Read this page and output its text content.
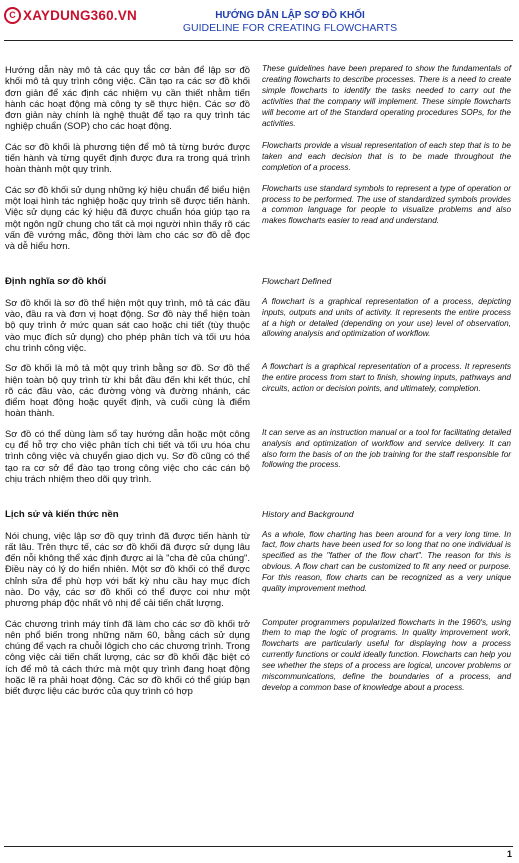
C XAYDUNG360.VN	HƯỚNG DẪN LẬP SƠ ĐỒ KHỐI
GUIDELINE FOR CREATING FLOWCHARTS
Hướng dẫn này mô tả các quy tắc cơ bản để lập sơ đồ khối mô tả quy trình công việc. Cần tạo ra các sơ đồ khối đơn giản để xác định các nhiệm vụ cần thiết nhằm tiến hành các hoạt động mà công ty sẽ thực hiện. Các sơ đồ đơn giản này chính là nghệ thuật để tạo ra quy trình tác nghiệp chuẩn (SOP) cho các hoạt động.
These guidelines have been prepared to show the fundamentals of creating flowcharts to describe processes. There is a need to create simple flowcharts to identify the tasks needed to carry out the activities that the company will implement. These simple flowcharts will become art of the Standard operating procedures SOPs, for the activities.
Các sơ đồ khối là phương tiện để mô tả từng bước được tiến hành và từng quyết định được đưa ra trong quá trình hoàn thành một quy trình.
Flowcharts provide a visual representation of each step that is to be taken and each decision that is to be made throughout the completion of a process.
Các sơ đồ khối sử dụng những ký hiệu chuẩn để biểu hiện một loại hình tác nghiệp hoặc quy trình sẽ được tiến hành. Việc sử dụng các ký hiệu đã được chuẩn hóa giúp tạo ra một ngôn ngữ chung cho tất cả mọi người nhìn thấy rõ các vấn đề vướng mắc, đồng thời làm cho các sơ đồ dễ đọc và dễ hiểu hơn.
Flowcharts use standard symbols to represent a type of operation or process to be performed. The use of standardized symbols provides a common language for people to visualize problems and also makes flowcharts easier to read and understand.
Định nghĩa sơ đồ khối	Flowchart Defined
Sơ đồ khối là sơ đồ thể hiện một quy trình, mô tả các đầu vào, đầu ra và đơn vị hoạt động. Sơ đồ này thể hiện toàn bộ quy trình ở mức quan sát cao hoặc chi tiết (tùy thuộc vào mục đích sử dụng) cho phép phân tích và tối ưu hóa chu trình công việc.
A flowchart is a graphical representation of a process, depicting inputs, outputs and units of activity. It represents the entire process at a high or detailed (depending on your use) level of observation, allowing analysis and optimization of workflow.
Sơ đồ khối là mô tả một quy trình bằng sơ đồ. Sơ đồ thể hiện toàn bộ quy trình từ khi bắt đầu đến khi kết thúc, chỉ rõ các đầu vào, các đường vòng và đường nhánh, các điểm hoạt động hoặc quyết định, và cuối cùng là điểm hoàn thành.
A flowchart is a graphical representation of a process. It represents the entire process from start to finish, showing inputs, pathways and circuits, action or decision points, and ultimately, completion.
Sơ đồ có thể dùng làm sổ tay hướng dẫn hoặc một công cụ để hỗ trợ cho việc phân tích chi tiết và tối ưu hóa chu trình công việc và chuyển giao dịch vụ. Sơ đồ cũng có thể tạo ra cơ sở để đào tạo trong công việc cho các cán bộ chịu trách nhiệm theo dõi quy trình.
It can serve as an instruction manual or a tool for facilitating detailed analysis and optimization of workflow and service delivery. It can also form the basis of on the job training for the staff responsible for following the process.
Lịch sử và kiến thức nền	History and Background
Nói chung, việc lập sơ đồ quy trình đã được tiến hành từ rất lâu. Trên thực tế, các sơ đồ khối đã được sử dụng lâu đến nỗi không thể xác định được ai là "cha đẻ của chúng". Điều này có lý do hiển nhiên. Một sơ đồ khối có thể được chỉnh sửa để phù hợp với bất kỳ nhu cầu hay mục đích nào. Do vậy, các sơ đồ khối có thể được coi như một phương pháp độc nhất vô nhị để cải tiến chất lượng.
As a whole, flow charting has been around for a very long time. In fact, flow charts have been used for so long that no one individual is specified as the "father of the flow chart". The reason for this is obvious. A flow chart can be customized to fit any need or purpose. For this reason, flow charts can be recognized as a very unique quality improvement method.
Các chương trình máy tính đã làm cho các sơ đồ khối trở nên phổ biến trong những năm 60, bằng cách sử dụng chúng để vạch ra chuỗi lôgich cho các chương trình. Trong công việc cải tiến chất lượng, các sơ đồ khối đặc biệt có ích để mô tả cách thức mà một quy trình đang hoạt động hoặc lẽ ra phải hoạt động. Các sơ đồ khối có thể giúp bạn biết được liệu các bước của quy trình có hợp
Computer programmers popularized flowcharts in the 1960's, using them to map the logic of programs. In quality improvement work, flowcharts are particularly useful for displaying how a process currently functions or could ideally function. Flowcharts can help you see whether the steps of a process are logical, uncover problems or miscommunications, define the boundaries of a process, and develop a common base of knowledge about a process.
1
